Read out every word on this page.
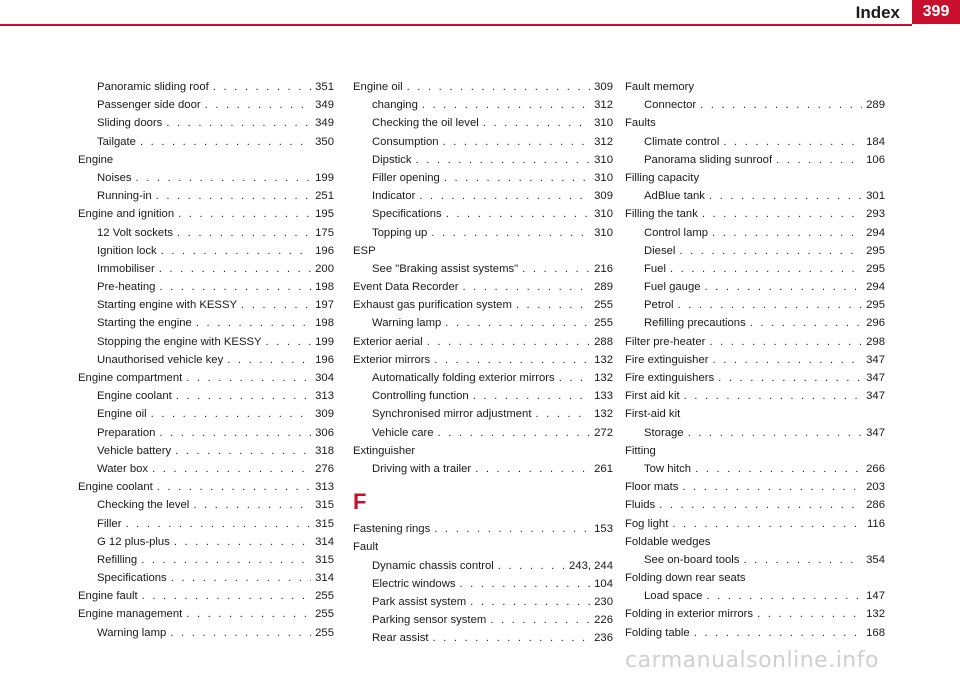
Index	399
Panoramic sliding roof . . .	351
Passenger side door . . .	349
Sliding doors . . .	349
Tailgate . . .	350
Engine
Noises . . .	199
Running-in . . .	251
Engine and ignition . . .	195
12 Volt sockets . . .	175
Ignition lock . . .	196
Immobiliser . . .	200
Pre-heating . . .	198
Starting engine with KESSY . . .	197
Starting the engine . . .	198
Stopping the engine with KESSY . . .	199
Unauthorised vehicle key . . .	196
Engine compartment . . .	304
Engine coolant . . .	313
Engine oil . . .	309
Preparation . . .	306
Vehicle battery . . .	318
Water box . . .	276
Engine coolant . . .	313
Checking the level . . .	315
Filler . . .	315
G 12 plus-plus . . .	314
Refilling . . .	315
Specifications . . .	314
Engine fault . . .	255
Engine management . . .	255
Warning lamp . . .	255
Engine oil . . .	309
changing . . .	312
Checking the oil level . . .	310
Consumption . . .	312
Dipstick . . .	310
Filler opening . . .	310
Indicator . . .	309
Specifications . . .	310
Topping up . . .	310
ESP
See "Braking assist systems" . . .	216
Event Data Recorder . . .	289
Exhaust gas purification system . . .	255
Warning lamp . . .	255
Exterior aerial . . .	288
Exterior mirrors . . .	132
Automatically folding exterior mirrors . . .	132
Controlling function . . .	133
Synchronised mirror adjustment . . .	132
Vehicle care . . .	272
Extinguisher
Driving with a trailer . . .	261
F
Fastening rings . . .	153
Fault
Dynamic chassis control . . .	243, 244
Electric windows . . .	104
Park assist system . . .	230
Parking sensor system . . .	226
Rear assist . . .	236
Fault memory
Connector . . .	289
Faults
Climate control . . .	184
Panorama sliding sunroof . . .	106
Filling capacity
AdBlue tank . . .	301
Filling the tank . . .	293
Control lamp . . .	294
Diesel . . .	295
Fuel . . .	295
Fuel gauge . . .	294
Petrol . . .	295
Refilling precautions . . .	296
Filter pre-heater . . .	298
Fire extinguisher . . .	347
Fire extinguishers . . .	347
First aid kit . . .	347
First-aid kit
Storage . . .	347
Fitting
Tow hitch . . .	266
Floor mats . . .	203
Fluids . . .	286
Fog light . . .	116
Foldable wedges
See on-board tools . . .	354
Folding down rear seats
Load space . . .	147
Folding in exterior mirrors . . .	132
Folding table . . .	168
carmanualsonline.info
